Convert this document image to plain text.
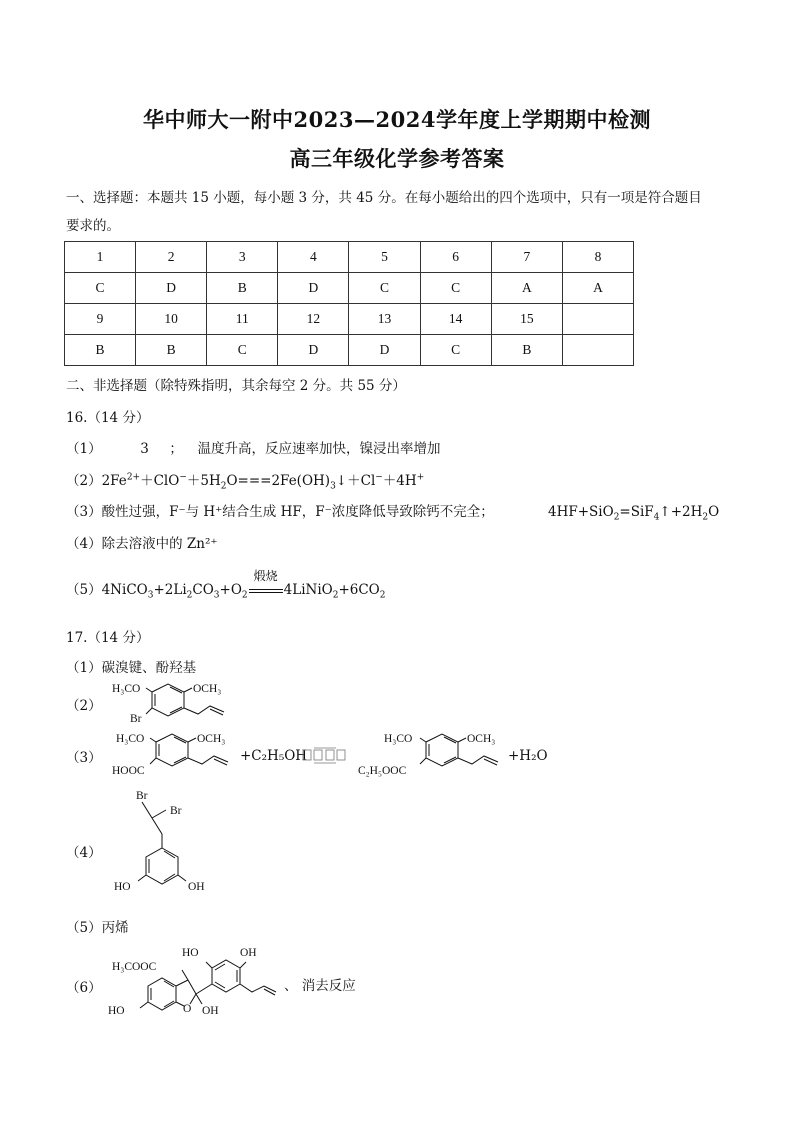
华中师大一附中2023—2024学年度上学期期中检测
高三年级化学参考答案
一、选择题：本题共 15 小题，每小题 3 分，共 45 分。在每小题给出的四个选项中，只有一项是符合题目
要求的。
1	2	3	4	5	6	7	8
C	D	B	D	C	C	A	A
9	10	11	12	13	14	15	
B	B	C	D	D	C	B	
二、非选择题（除特殊指明，其余每空 2 分。共 55 分）
16.（14 分）
（1）	3 ； 温度升高，反应速率加快，镍浸出率增加
$(2)2Fe^{2+}+ClO^-+5H_2O===2Fe(OH)_3↓+Cl^-+4H^+$
（3）酸性过强，F⁻与 H⁺结合生成 HF，F⁻浓度降低导致除钙不完全；	$4HF+SiO_2=SiF_4↑+2H_2O$
（4）除去溶液中的 Zn²⁺
$(5)4NiCO_3+2Li_2CO_3+O_2$
煅烧
$4LiNiO_2+6CO_2$
17.（14 分）
（1）碳溴键、酚羟基
（2）
H₃CO	OCH₃
Br
（3）
H₃CO	OCH₃
HOOC
+C₂H₅OH
H₃CO	OCH₃
C₂H₅OOC
+H₂O
（4）
Br
Br
HO	OH
（5）丙烯
（6）
H₃COOC
HO	OH
HO	O OH
、 消去反应
